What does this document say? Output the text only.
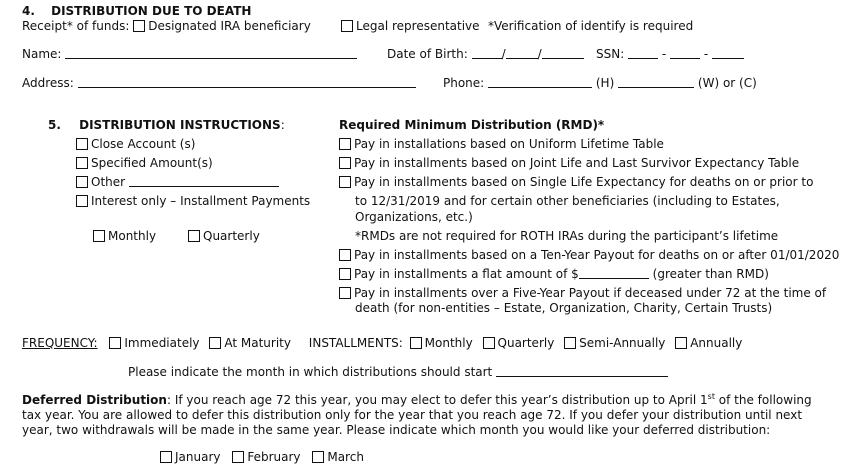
4. DISTRIBUTION DUE TO DEATH
Receipt* of funds: Designated IRA beneficiary	Legal representative *Verification of identify is required
Name:	Date of Birth:	/	/	SSN:	-	-
Address:	Phone:	(H)	(W) or (C)
5. DISTRIBUTION INSTRUCTIONS:
Close Account (s)
Specified Amount(s)
Other
Interest only – Installment Payments
Monthly	Quarterly
Required Minimum Distribution (RMD)*
Pay in installations based on Uniform Lifetime Table
Pay in installments based on Joint Life and Last Survivor Expectancy Table
Pay in installments based on Single Life Expectancy for deaths on or prior to
to 12/31/2019 and for certain other beneficiaries (including to Estates,
Organizations, etc.)
*RMDs are not required for ROTH IRAs during the participant’s lifetime
Pay in installments based on a Ten-Year Payout for deaths on or after 01/01/2020
Pay in installments a flat amount of $	(greater than RMD)
Pay in installments over a Five-Year Payout if deceased under 72 at the time of
death (for non-entities – Estate, Organization, Charity, Certain Trusts)
FREQUENCY: Immediately At Maturity INSTALLMENTS: Monthly Quarterly Semi-Annually Annually
Please indicate the month in which distributions should start
Deferred Distribution: If you reach age 72 this year, you may elect to defer this year’s distribution up to April 1st of the following tax year. You are allowed to defer this distribution only for the year that you reach age 72. If you defer your distribution until next year, two withdrawals will be made in the same year. Please indicate which month you would like your deferred distribution:
January February March
